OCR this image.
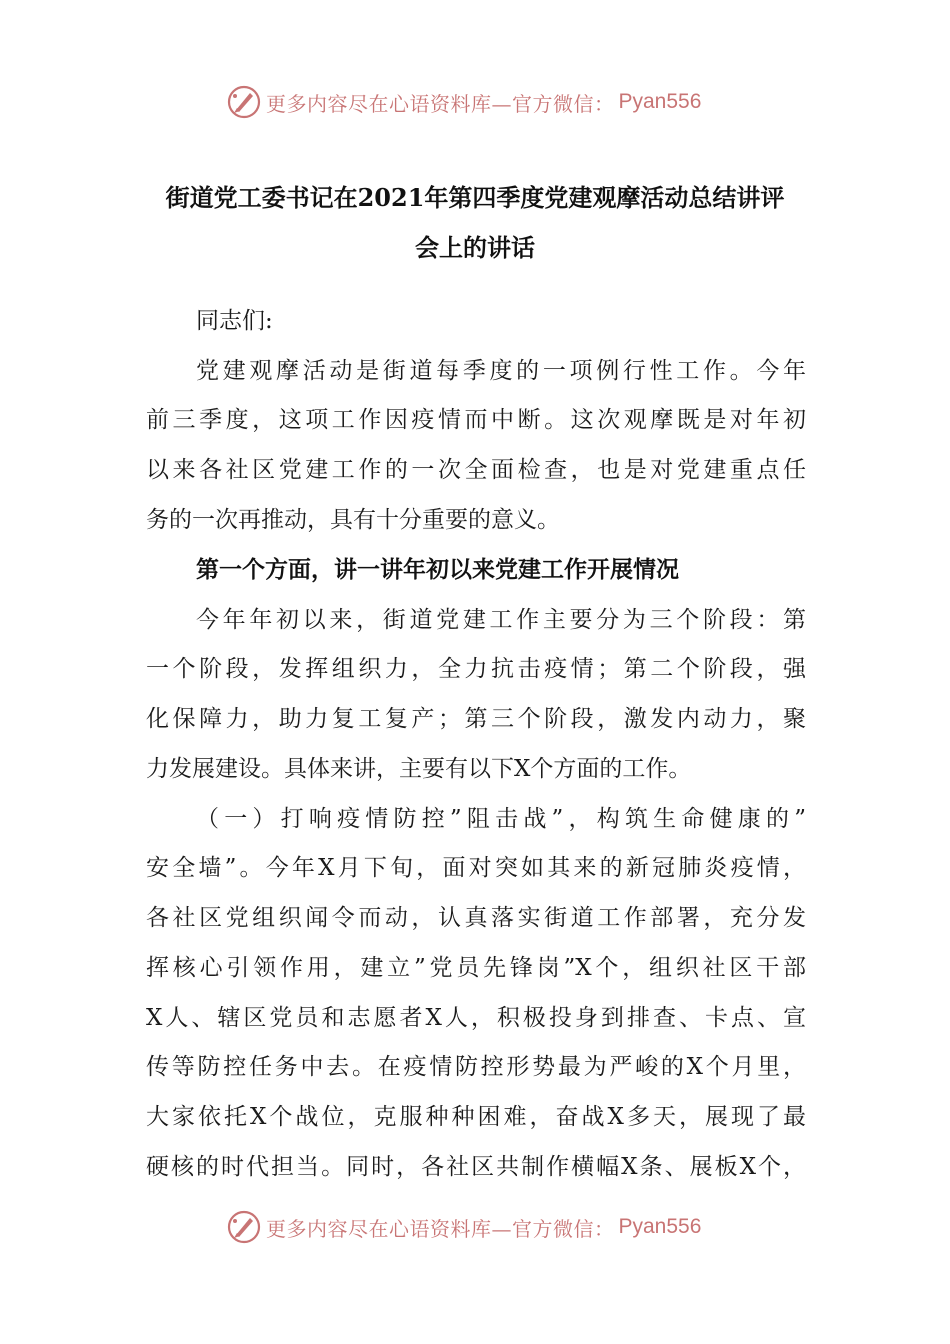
更多内容尽在心语资料库—官方微信： Pyan556
街道党工委书记在2021年第四季度党建观摩活动总结讲评
会上的讲话

同志们:

党建观摩活动是街道每季度的一项例行性工作。今年

前三季度，这项工作因疫情而中断。这次观摩既是对年初

以来各社区党建工作的一次全面检查，也是对党建重点任

务的一次再推动，具有十分重要的意义。

第一个方面，讲一讲年初以来党建工作开展情况

今年年初以来，街道党建工作主要分为三个阶段：第

一个阶段，发挥组织力，全力抗击疫情；第二个阶段，强

化保障力，助力复工复产；第三个阶段，激发内动力，聚

力发展建设。具体来讲，主要有以下X个方面的工作。

（一）打响疫情防控”阻击战”，构筑生命健康的”

安全墙”。今年X月下旬，面对突如其来的新冠肺炎疫情，

各社区党组织闻令而动，认真落实街道工作部署，充分发

挥核心引领作用，建立”党员先锋岗”X个，组织社区干部

X人、辖区党员和志愿者X人，积极投身到排查、卡点、宣

传等防控任务中去。在疫情防控形势最为严峻的X个月里，

大家依托X个战位，克服种种困难，奋战X多天，展现了最

硬核的时代担当。同时，各社区共制作横幅X条、展板X个，

更多内容尽在心语资料库—官方微信： Pyan556
